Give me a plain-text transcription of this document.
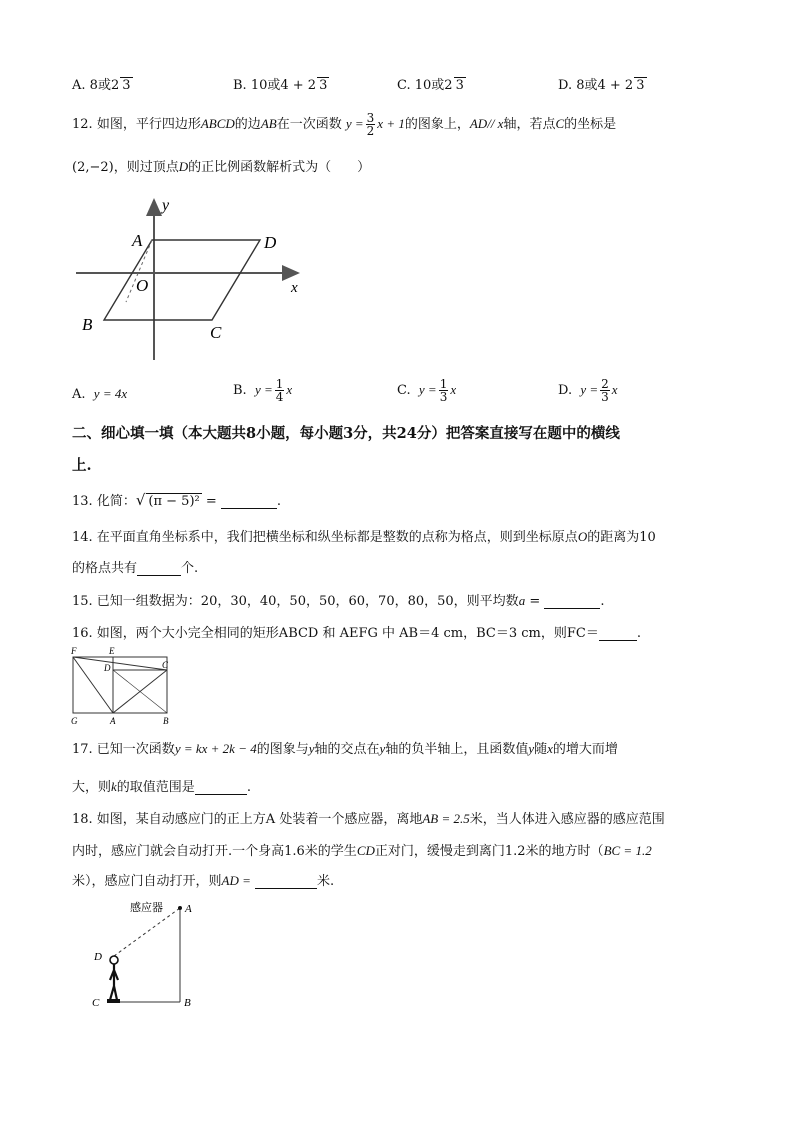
A. 8或2 3	B. 10或4 + 2 3	C. 10或2 3	D. 8或4 + 2 3
12. 如图，平行四边形ABCD的边AB在一次函数 $y = \frac{3}{2}$ x + 1的图象上，AD// x轴，若点C的坐标是
(2,−2)，则过顶点D的正比例函数解析式为（　　）
y
A	D
O	x
B	C
A. y = 4x	B. $y = \frac{1}{4}$ x	C. $y = \frac{1}{3}$ x	D. $y = \frac{2}{3}$ x
二、细心填一填（本大题共8小题，每小题3分，共24分）把答案直接写在题中的横线
上.
13. 化简：√ (π − 5)² =	.
14. 在平面直角坐标系中，我们把横坐标和纵坐标都是整数的点称为格点，则到坐标原点O的距离为10
的格点共有	个.
15. 已知一组数据为：20，30，40，50，50，60，70，80，50，则平均数a =	.
16. 如图，两个大小完全相同的矩形ABCD 和 AEFG 中 AB＝4 cm，BC＝3 cm，则FC＝	.
F	E
D	C
G	A	B
17. 已知一次函数y = kx + 2k − 4的图象与y轴的交点在y轴的负半轴上，且函数值y随x的增大而增
大，则k的取值范围是	.
18. 如图，某自动感应门的正上方A 处装着一个感应器，离地AB = 2.5米，当人体进入感应器的感应范围
内时，感应门就会自动打开.一个身高1.6米的学生CD正对门，缓慢走到离门1.2米的地方时（BC = 1.2
米），感应门自动打开，则AD =	米.
感应器 A
D
C	B
